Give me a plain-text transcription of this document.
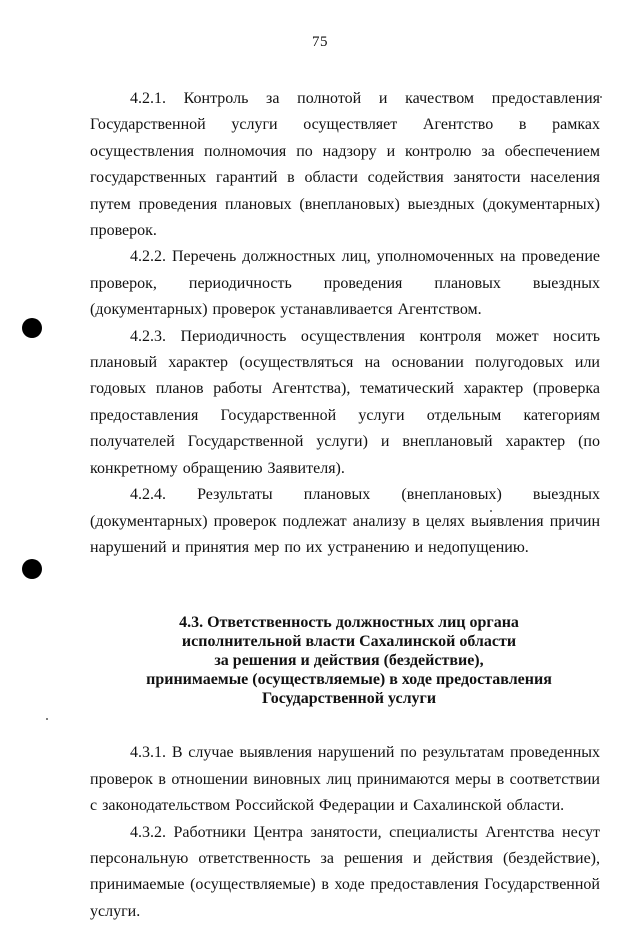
75

4.2.1. Контроль за полнотой и качеством предоставления Государственной услуги осуществляет Агентство в рамках осуществления полномочия по надзору и контролю за обеспечением государственных гарантий в области содействия занятости населения путем проведения плановых (внеплановых) выездных (документарных) проверок.

4.2.2. Перечень должностных лиц, уполномоченных на проведение проверок, периодичность проведения плановых выездных (документарных) проверок устанавливается Агентством.

4.2.3. Периодичность осуществления контроля может носить плановый характер (осуществляться на основании полугодовых или годовых планов работы Агентства), тематический характер (проверка предоставления Государственной услуги отдельным категориям получателей Государственной услуги) и внеплановый характер (по конкретному обращению Заявителя).

4.2.4. Результаты плановых (внеплановых) выездных (документарных) проверок подлежат анализу в целях выявления причин нарушений и принятия мер по их устранению и недопущению.

4.3. Ответственность должностных лиц органа
исполнительной власти Сахалинской области
за решения и действия (бездействие),
принимаемые (осуществляемые) в ходе предоставления
Государственной услуги

4.3.1. В случае выявления нарушений по результатам проведенных проверок в отношении виновных лиц принимаются меры в соответствии с законодательством Российской Федерации и Сахалинской области.

4.3.2. Работники Центра занятости, специалисты Агентства несут персональную ответственность за решения и действия (бездействие), принимаемые (осуществляемые) в ходе предоставления Государственной услуги.
